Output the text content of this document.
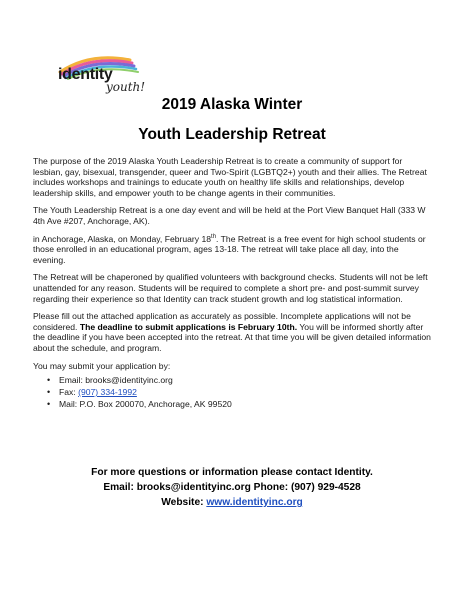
identity
youth!
2019 Alaska Winter
Youth Leadership Retreat

The purpose of the 2019 Alaska Youth Leadership Retreat is to create a community of support for lesbian, gay, bisexual, transgender, queer and Two-Spirit (LGBTQ2+) youth and their allies. The Retreat includes workshops and trainings to educate youth on healthy life skills and relationships, develop leadership skills, and empower youth to be change agents in their communities.

The Youth Leadership Retreat is a one day event and will be held at the Port View Banquet Hall (333 W 4th Ave #207, Anchorage, AK).

in Anchorage, Alaska, on Monday, February 18th. The Retreat is a free event for high school students or those enrolled in an educational program, ages 13-18. The retreat will take place all day, into the evening.

The Retreat will be chaperoned by qualified volunteers with background checks. Students will not be left unattended for any reason. Students will be required to complete a short pre- and post-summit survey regarding their experience so that Identity can track student growth and log statistical information.

Please fill out the attached application as accurately as possible. Incomplete applications will not be considered. The deadline to submit applications is February 10th. You will be informed shortly after the deadline if you have been accepted into the retreat. At that time you will be given detailed information about the schedule, and program.

You may submit your application by:

• Email: brooks@identityinc.org
• Fax: (907) 334-1992
• Mail: P.O. Box 200070, Anchorage, AK 99520
For more questions or information please contact Identity.
Email: brooks@identityinc.org Phone: (907) 929-4528
Website: www.identityinc.org
